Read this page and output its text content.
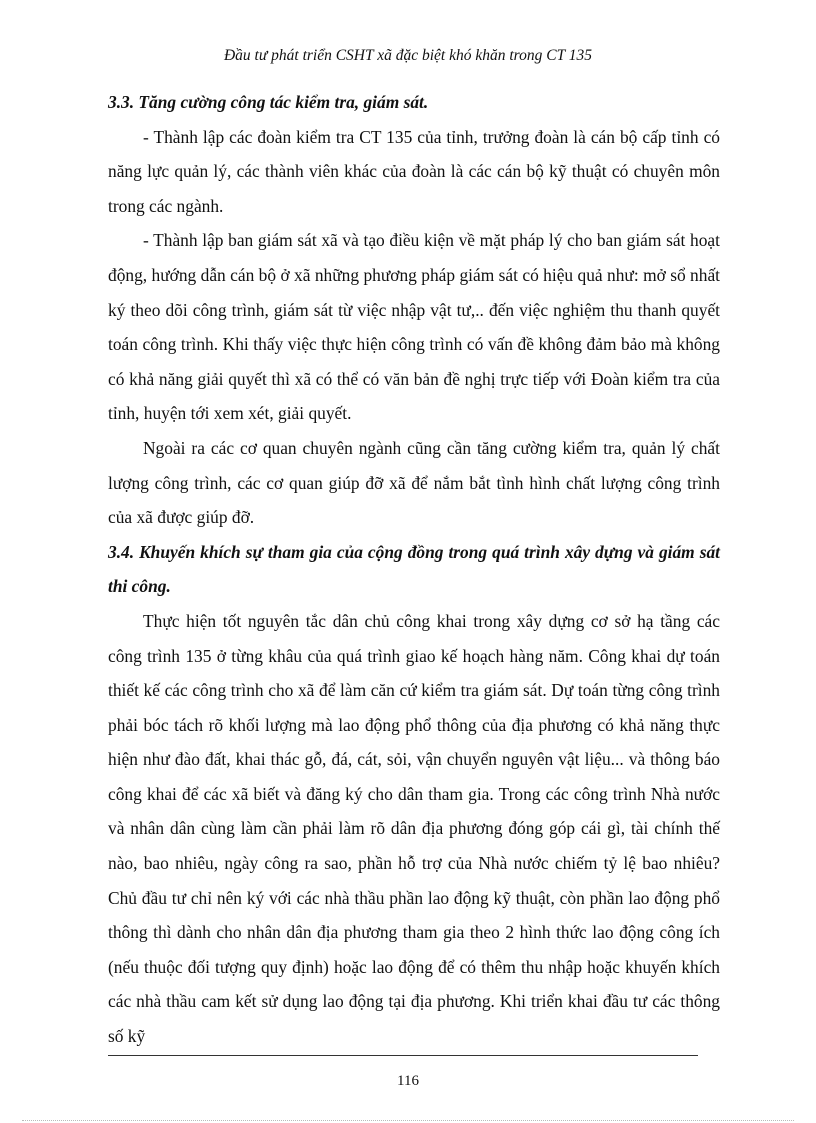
Đầu tư phát triển CSHT xã đặc biệt khó khăn trong CT 135
3.3. Tăng cường công tác kiểm tra, giám sát.

- Thành lập các đoàn kiểm tra CT 135 của tỉnh, trưởng đoàn là cán bộ cấp tỉnh có năng lực quản lý, các thành viên khác của đoàn là các cán bộ kỹ thuật có chuyên môn trong các ngành.

- Thành lập ban giám sát xã và tạo điều kiện về mặt pháp lý cho ban giám sát hoạt động, hướng dẫn cán bộ ở xã những phương pháp giám sát có hiệu quả như: mở sổ nhất ký theo dõi công trình, giám sát từ việc nhập vật tư,.. đến việc nghiệm thu thanh quyết toán công trình. Khi thấy việc thực hiện công trình có vấn đề không đảm bảo mà không có khả năng giải quyết thì xã có thể có văn bản đề nghị trực tiếp với Đoàn kiểm tra của tỉnh, huyện tới xem xét, giải quyết.

Ngoài ra các cơ quan chuyên ngành cũng cần tăng cường kiểm tra, quản lý chất lượng công trình, các cơ quan giúp đỡ xã để nắm bắt tình hình chất lượng công trình của xã được giúp đỡ.

3.4. Khuyến khích sự tham gia của cộng đồng trong quá trình xây dựng và giám sát thi công.

Thực hiện tốt nguyên tắc dân chủ công khai trong xây dựng cơ sở hạ tầng các công trình 135 ở từng khâu của quá trình giao kế hoạch hàng năm. Công khai dự toán thiết kế các công trình cho xã để làm căn cứ kiểm tra giám sát. Dự toán từng công trình phải bóc tách rõ khối lượng mà lao động phổ thông của địa phương có khả năng thực hiện như đào đất, khai thác gỗ, đá, cát, sỏi, vận chuyển nguyên vật liệu... và thông báo công khai để các xã biết và đăng ký cho dân tham gia. Trong các công trình Nhà nước và nhân dân cùng làm cần phải làm rõ dân địa phương đóng góp cái gì, tài chính thế nào, bao nhiêu, ngày công ra sao, phần hỗ trợ của Nhà nước chiếm tỷ lệ bao nhiêu? Chủ đầu tư chỉ nên ký với các nhà thầu phần lao động kỹ thuật, còn phần lao động phổ thông thì dành cho nhân dân địa phương tham gia theo 2 hình thức lao động công ích (nếu thuộc đối tượng quy định) hoặc lao động để có thêm thu nhập hoặc khuyến khích các nhà thầu cam kết sử dụng lao động tại địa phương. Khi triển khai đầu tư các thông số kỹ

116
